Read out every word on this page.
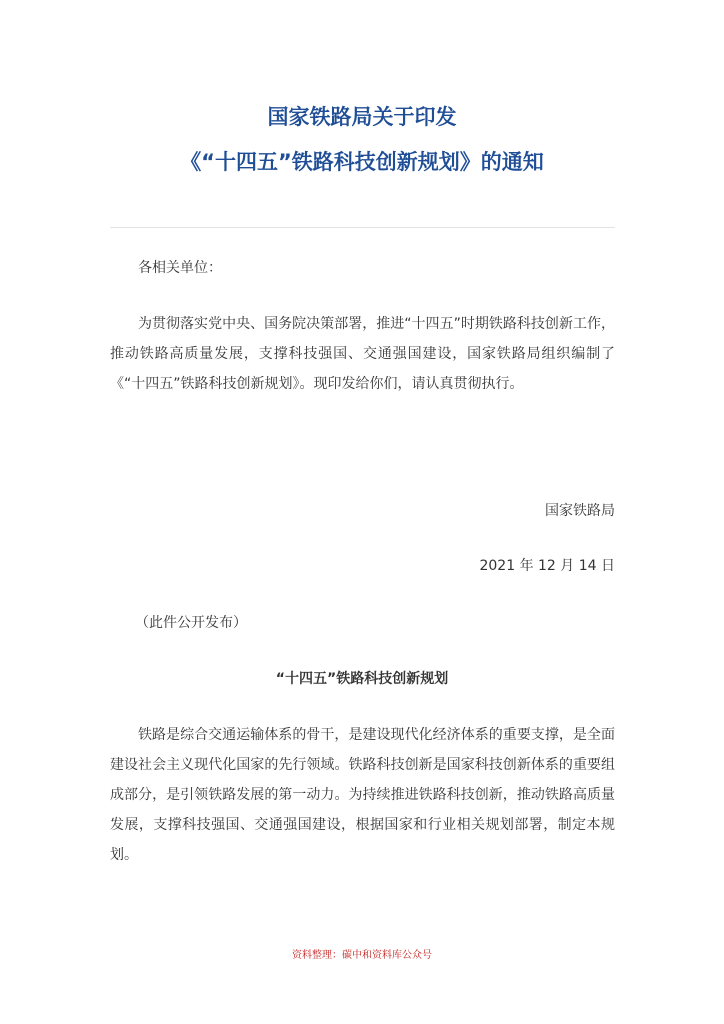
国家铁路局关于印发
《“十四五”铁路科技创新规划》的通知

各相关单位：

为贯彻落实党中央、国务院决策部署，推进“十四五”时期铁路科技创新工作，推动铁路高质量发展，支撑科技强国、交通强国建设，国家铁路局组织编制了《“十四五”铁路科技创新规划》。现印发给你们，请认真贯彻执行。

国家铁路局

2021 年 12 月 14 日

（此件公开发布）

“十四五”铁路科技创新规划

铁路是综合交通运输体系的骨干，是建设现代化经济体系的重要支撑，是全面建设社会主义现代化国家的先行领域。铁路科技创新是国家科技创新体系的重要组成部分，是引领铁路发展的第一动力。为持续推进铁路科技创新，推动铁路高质量发展，支撑科技强国、交通强国建设，根据国家和行业相关规划部署，制定本规划。

资料整理：碳中和资料库公众号
